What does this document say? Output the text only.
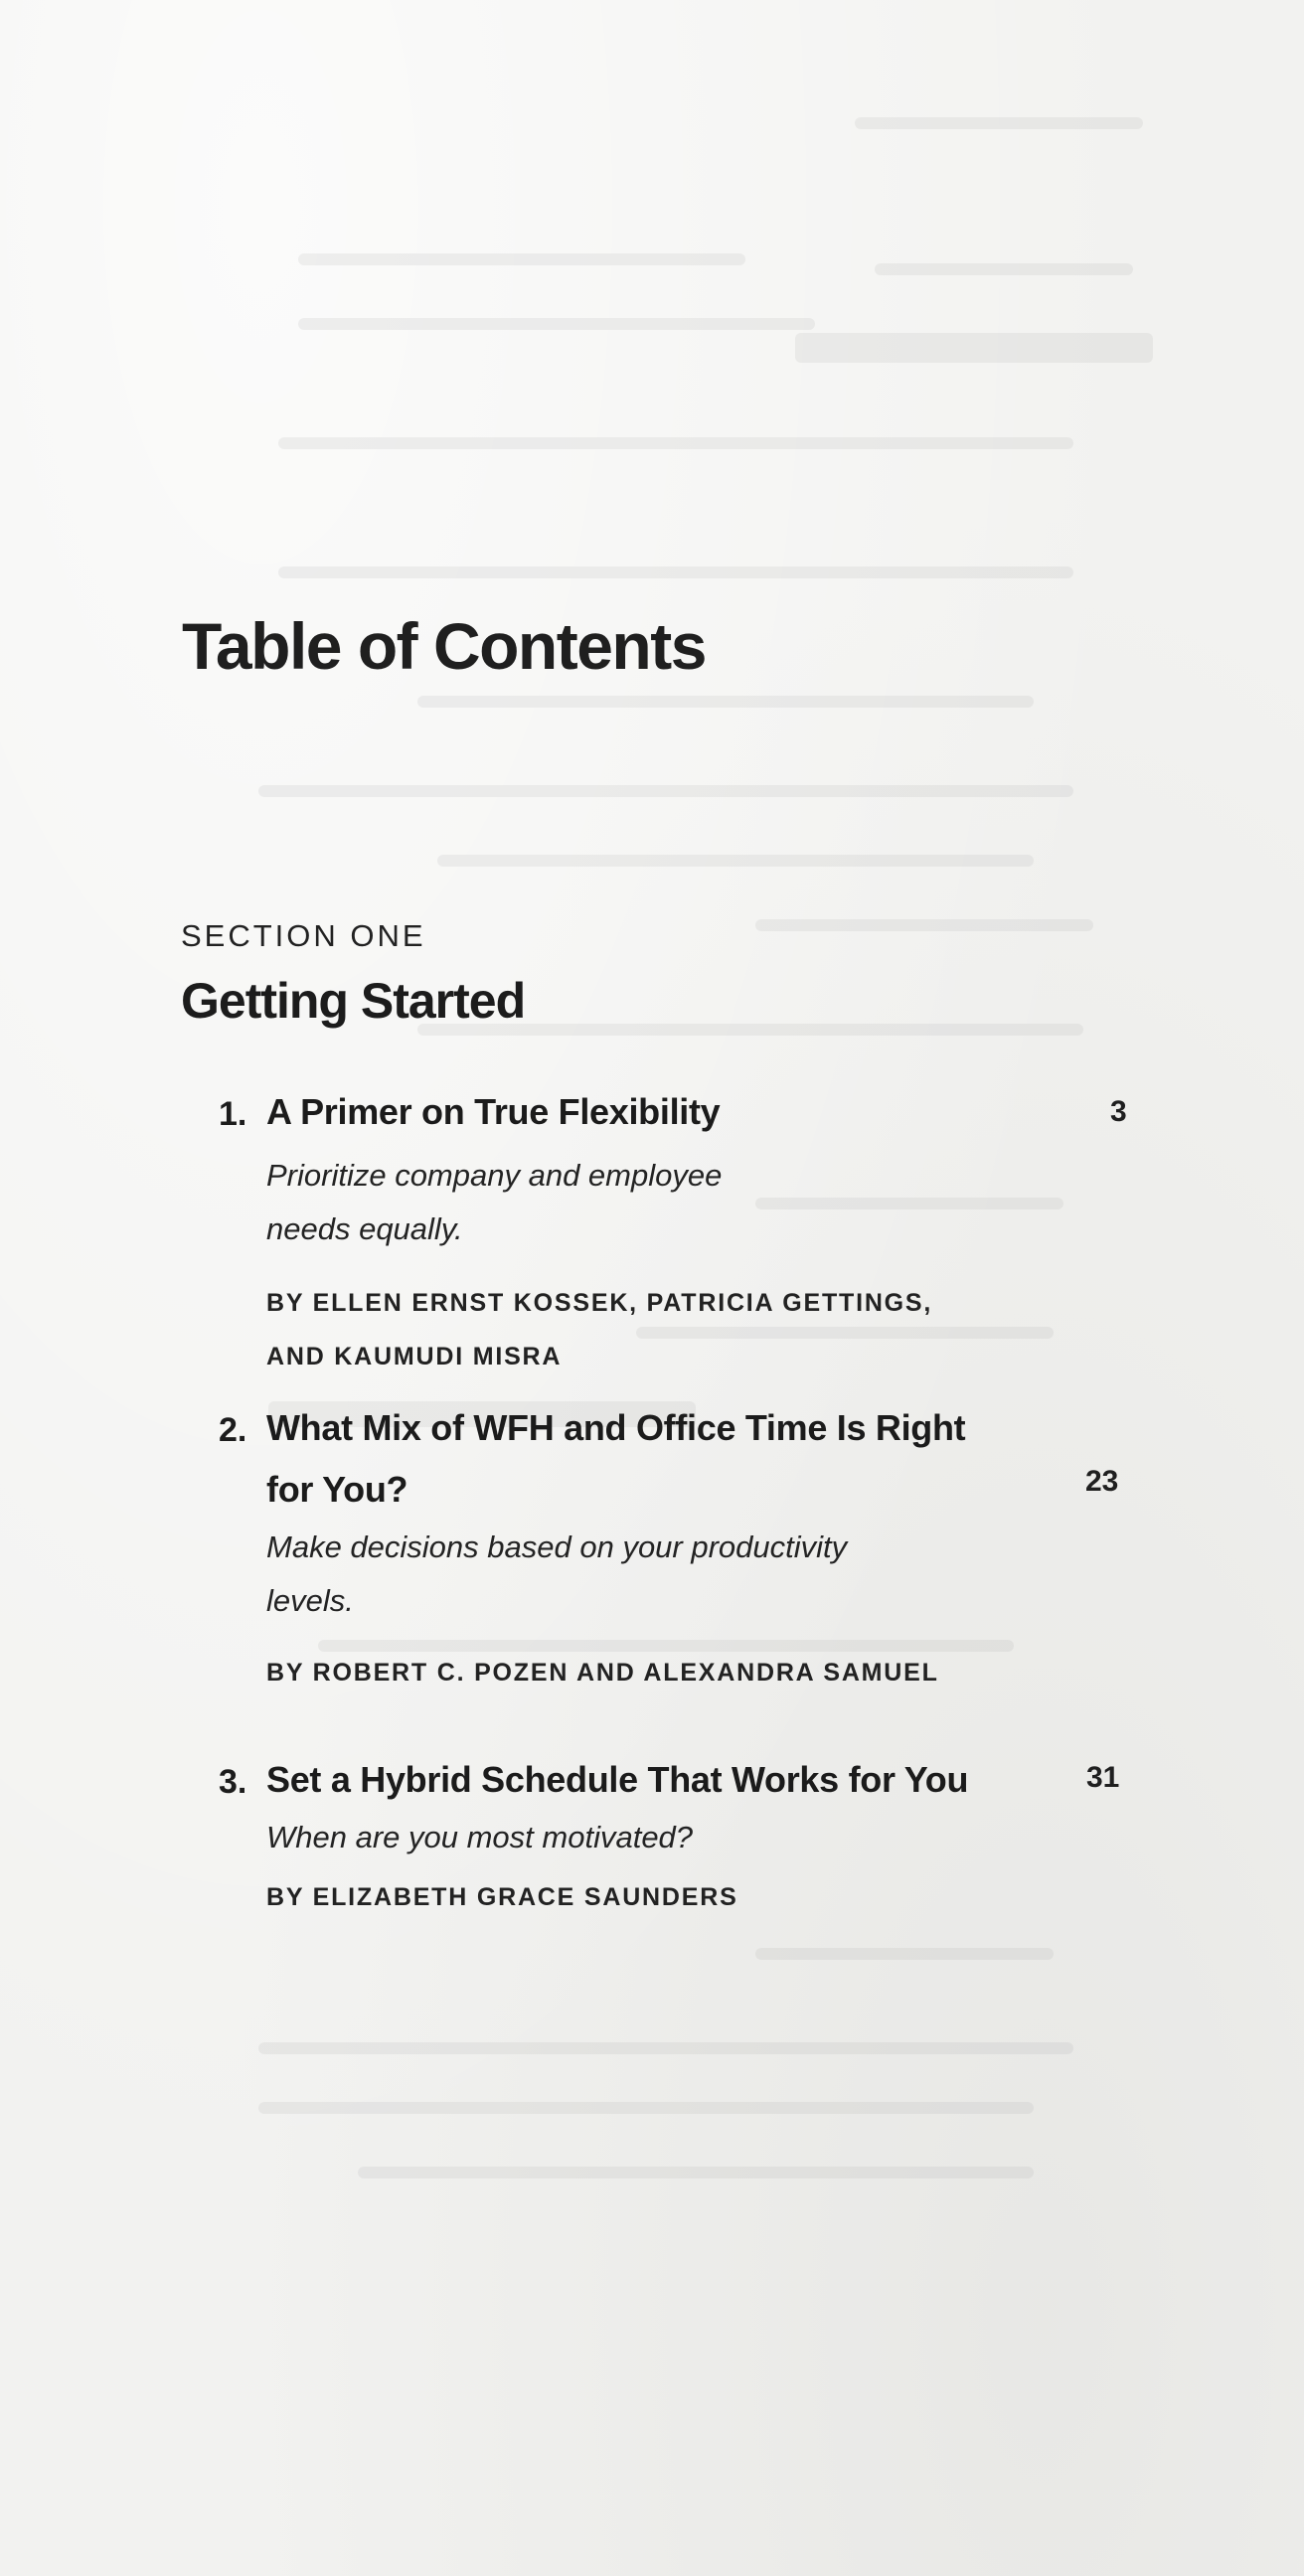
Table of Contents
SECTION ONE
Getting Started
1. A Primer on True Flexibility	3
Prioritize company and employee
needs equally.
BY ELLEN ERNST KOSSEK, PATRICIA GETTINGS,
AND KAUMUDI MISRA
2. What Mix of WFH and Office Time Is Right
for You?	23
Make decisions based on your productivity
levels.
BY ROBERT C. POZEN AND ALEXANDRA SAMUEL
3. Set a Hybrid Schedule That Works for You	31
When are you most motivated?
BY ELIZABETH GRACE SAUNDERS
